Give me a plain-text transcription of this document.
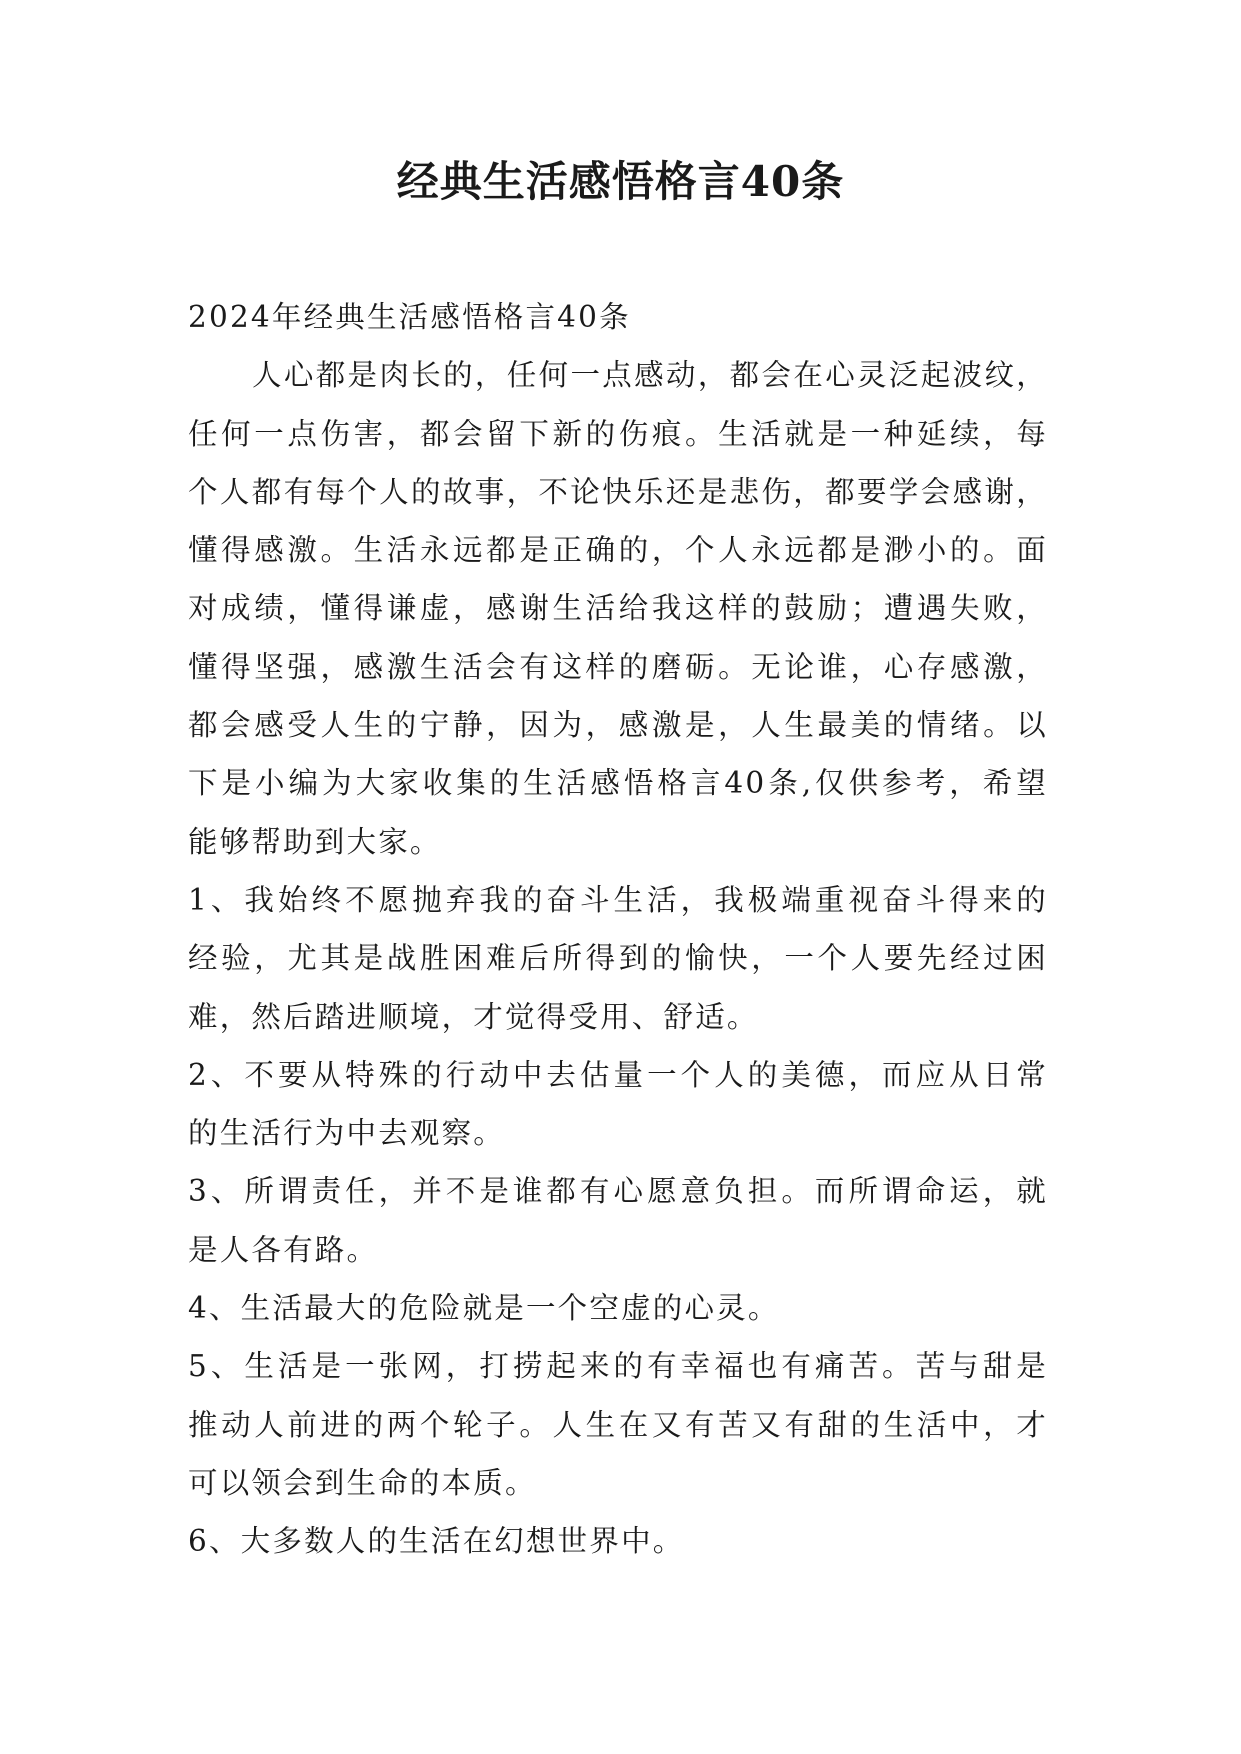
经典生活感悟格言40条

2024年经典生活感悟格言40条

人心都是肉长的，任何一点感动，都会在心灵泛起波纹，

任何一点伤害，都会留下新的伤痕。生活就是一种延续，每

个人都有每个人的故事，不论快乐还是悲伤，都要学会感谢，

懂得感激。生活永远都是正确的，个人永远都是渺小的。面

对成绩，懂得谦虚，感谢生活给我这样的鼓励；遭遇失败，

懂得坚强，感激生活会有这样的磨砺。无论谁，心存感激，

都会感受人生的宁静，因为，感激是，人生最美的情绪。以

下是小编为大家收集的生活感悟格言40条,仅供参考，希望

能够帮助到大家。

1、我始终不愿抛弃我的奋斗生活，我极端重视奋斗得来的

经验，尤其是战胜困难后所得到的愉快，一个人要先经过困

难，然后踏进顺境，才觉得受用、舒适。

2、不要从特殊的行动中去估量一个人的美德，而应从日常

的生活行为中去观察。

3、所谓责任，并不是谁都有心愿意负担。而所谓命运，就

是人各有路。

4、生活最大的危险就是一个空虚的心灵。

5、生活是一张网，打捞起来的有幸福也有痛苦。苦与甜是

推动人前进的两个轮子。人生在又有苦又有甜的生活中，才

可以领会到生命的本质。

6、大多数人的生活在幻想世界中。
